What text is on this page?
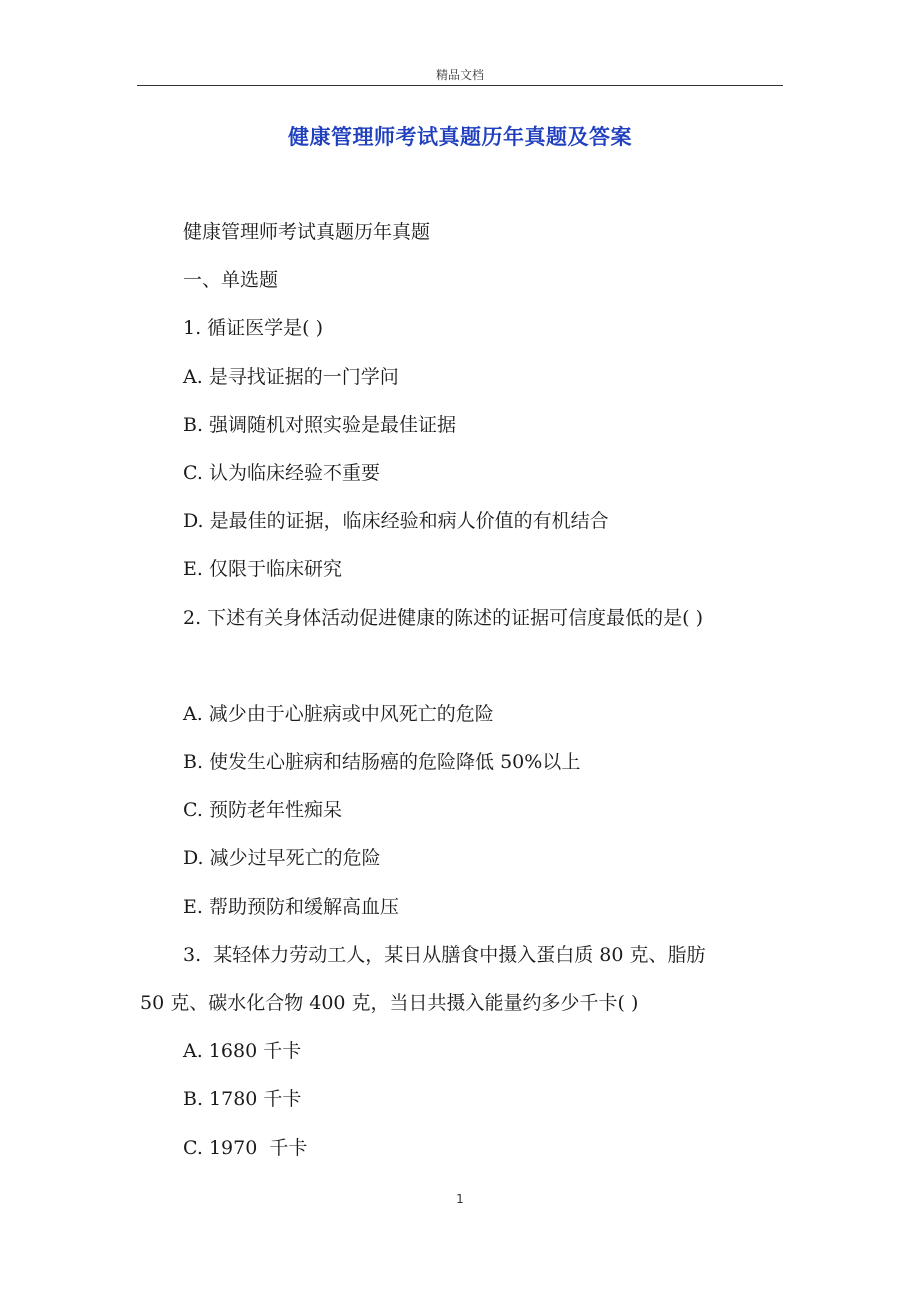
精品文档
健康管理师考试真题历年真题及答案
健康管理师考试真题历年真题
一、单选题
1. 循证医学是( )
A. 是寻找证据的一门学问
B. 强调随机对照实验是最佳证据
C. 认为临床经验不重要
D. 是最佳的证据，临床经验和病人价值的有机结合
E. 仅限于临床研究
2. 下述有关身体活动促进健康的陈述的证据可信度最低的是( )
A. 减少由于心脏病或中风死亡的危险
B. 使发生心脏病和结肠癌的危险降低 50%以上
C. 预防老年性痴呆
D. 减少过早死亡的危险
E. 帮助预防和缓解高血压
3.  某轻体力劳动工人，某日从膳食中摄入蛋白质 80 克、脂肪
50 克、碳水化合物 400 克，当日共摄入能量约多少千卡( )
A. 1680 千卡
B. 1780 千卡
C. 1970  千卡
1
